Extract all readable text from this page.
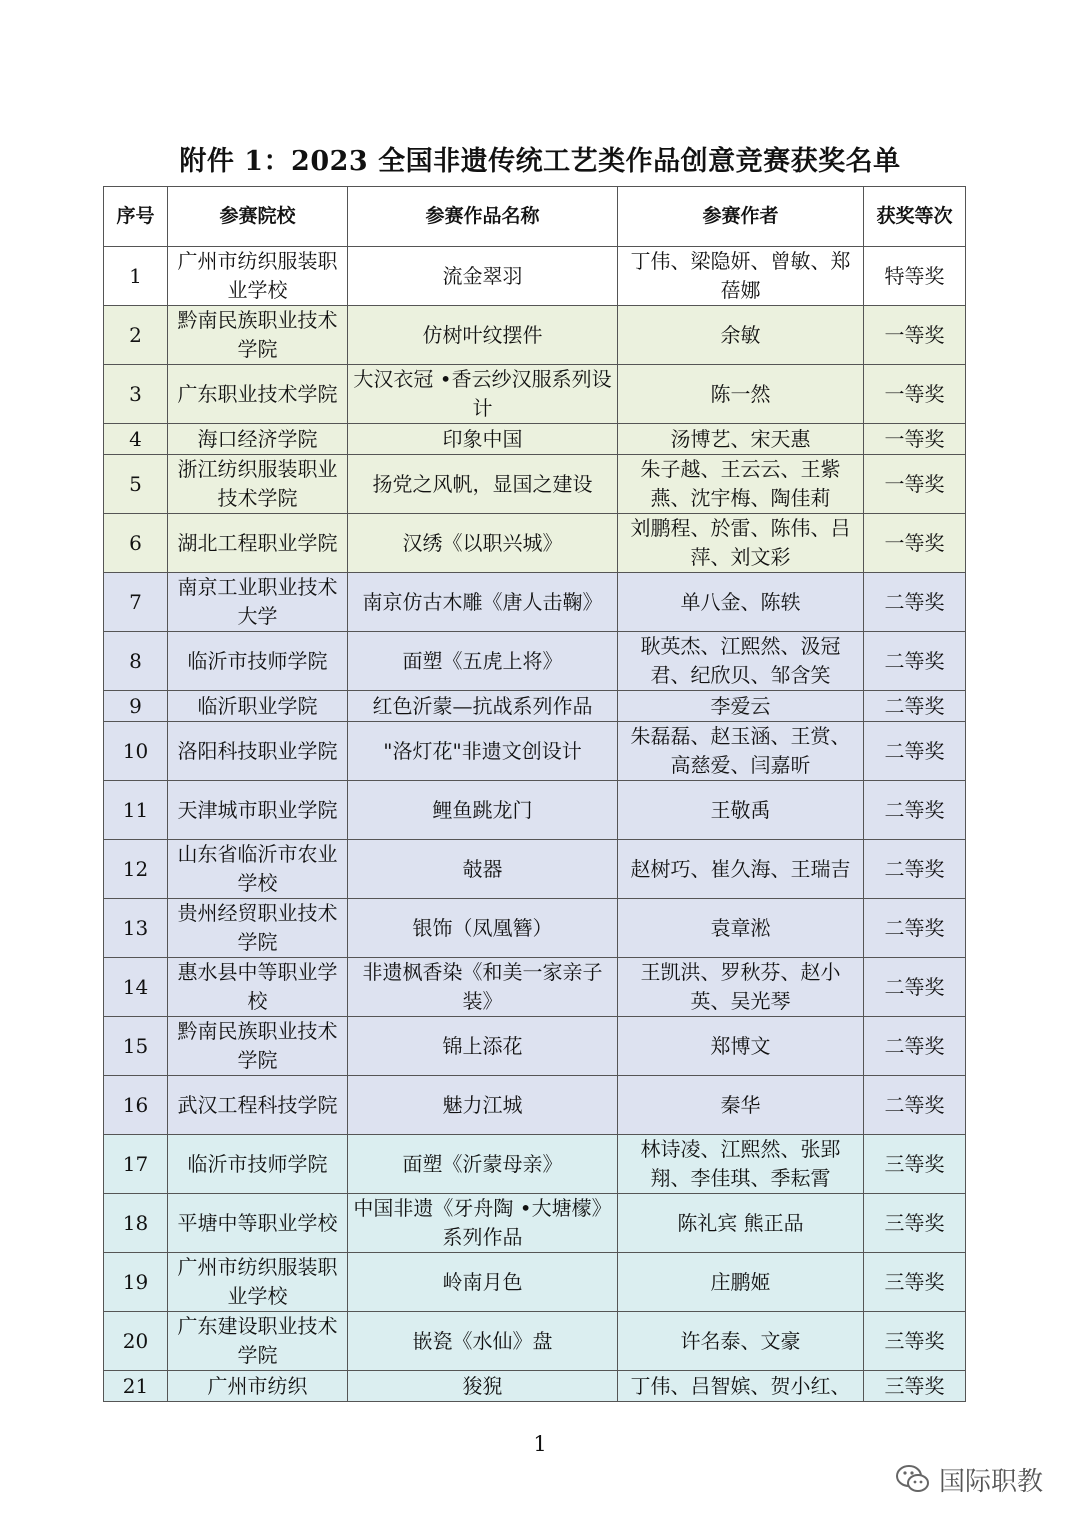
附件 1：2023 全国非遗传统工艺类作品创意竞赛获奖名单
序号	参赛院校	参赛作品名称	参赛作者	获奖等次
1	广州市纺织服装职业学校	流金翠羽	丁伟、梁隐妍、曾敏、郑蓓娜	特等奖
2	黔南民族职业技术学院	仿树叶纹摆件	余敏	一等奖
3	广东职业技术学院	大汉衣冠 •香云纱汉服系列设计	陈一然	一等奖
4	海口经济学院	印象中国	汤博艺、宋天惠	一等奖
5	浙江纺织服装职业技术学院	扬党之风帆，显国之建设	朱子越、王云云、王紫燕、沈宇梅、陶佳莉	一等奖
6	湖北工程职业学院	汉绣《以职兴城》	刘鹏程、於雷、陈伟、吕萍、刘文彩	一等奖
7	南京工业职业技术大学	南京仿古木雕《唐人击鞠》	单八金、陈轶	二等奖
8	临沂市技师学院	面塑《五虎上将》	耿英杰、江熙然、汲冠君、纪欣贝、邹含笑	二等奖
9	临沂职业学院	红色沂蒙—抗战系列作品	李爱云	二等奖
10	洛阳科技职业学院	"洛灯花"非遗文创设计	朱磊磊、赵玉涵、王赏、高慈爱、闫嘉昕	二等奖
11	天津城市职业学院	鲤鱼跳龙门	王敬禹	二等奖
12	山东省临沂市农业学校	攲器	赵树巧、崔久海、王瑞吉	二等奖
13	贵州经贸职业技术学院	银饰（凤凰簪）	袁章淞	二等奖
14	惠水县中等职业学校	非遗枫香染《和美一家亲子装》	王凯洪、罗秋芬、赵小英、吴光琴	二等奖
15	黔南民族职业技术学院	锦上添花	郑博文	二等奖
16	武汉工程科技学院	魅力江城	秦华	二等奖
17	临沂市技师学院	面塑《沂蒙母亲》	林诗凌、江熙然、张郢翔、李佳琪、季耘霄	三等奖
18	平塘中等职业学校	中国非遗《牙舟陶 •大塘檬》系列作品	陈礼宾 熊正品	三等奖
19	广州市纺织服装职业学校	岭南月色	庄鹏姬	三等奖
20	广东建设职业技术学院	嵌瓷《水仙》盘	许名泰、文豪	三等奖
21	广州市纺织	狻猊	丁伟、吕智嫔、贺小红、	三等奖
1
国际职教
